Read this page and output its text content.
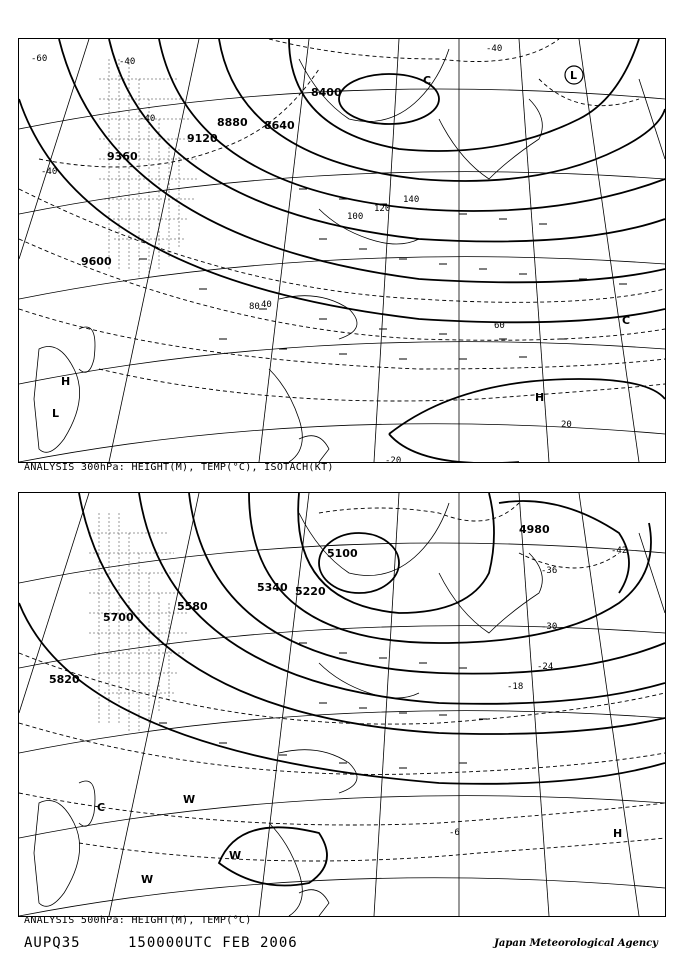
8400
8640
8880
9120
9360
9600
40
60
80
100
120
140
20
-20
-60	-40
-40
-40
-40
C	L
L
H
H
C
ANALYSIS 300hPa: HEIGHT(M), TEMP(°C), ISOTACH(KT)
5100
5340 5220
5580
5700
5820
4980
-42
-36
-30
-24
-18
-6
C
H
W
W
W
ANALYSIS 500hPa: HEIGHT(M), TEMP(°C)
AUPQ35	150000UTC FEB 2006	Japan Meteorological Agency
